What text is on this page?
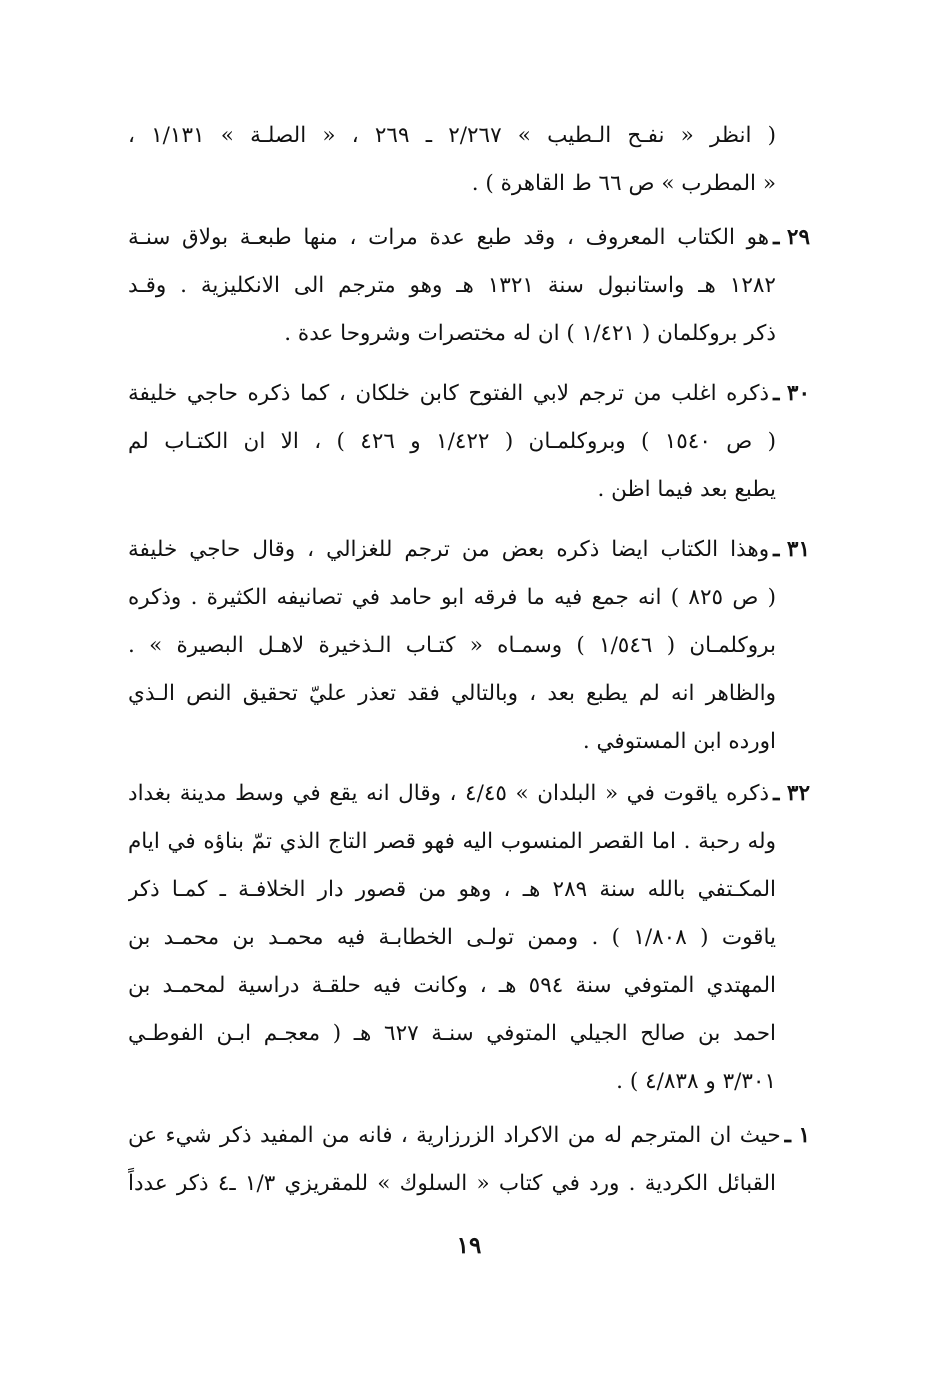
( انظر « نفـح الـطيب » ٢/٢٦٧ ـ ٢٦٩ ، « الصلـة » ١/١٣١ ،
« المطرب » ص ٦٦ ط القاهرة ) .
٢٩ ـ
هو الكتاب المعروف ، وقد طبع عدة مرات ، منها طبعـة بولاق سنـة
١٢٨٢ هـ واستانبول سنة ١٣٢١ هـ وهو مترجم الى الانكليزية . وقـد
ذكر بروكلمان ( ١/٤٢١ ) ان له مختصرات وشروحا عدة .
٣٠ ـ
ذكره اغلب من ترجم لابي الفتوح كابن خلكان ، كما ذكره حاجي خليفة
( ص ١٥٤٠ ) وبروكلمـان ( ١/٤٢٢ و ٤٢٦ ) ، الا ان الكتـاب لم
يطبع بعد فيما اظن .
٣١ ـ
وهذا الكتاب ايضا ذكره بعض من ترجم للغزالي ، وقال حاجي خليفة
( ص ٨٢٥ ) انه جمع فيه ما فرقه ابو حامد في تصانيفه الكثيرة . وذكره
بروكلمـان ( ١/٥٤٦ ) وسمـاه « كتـاب الـذخيرة لاهـل البصيرة » .
والظاهر انه لم يطبع بعد ، وبالتالي فقد تعذر عليّ تحقيق النص الـذي
اورده ابن المستوفي .
٣٢ ـ
ذكره ياقوت في « البلدان » ٤/٤٥ ، وقال انه يقع في وسط مدينة بغداد
وله رحبة . اما القصر المنسوب اليه فهو قصر التاج الذي تمّ بناؤه في ايام
المكـتفي بالله سنة ٢٨٩ هـ ، وهو من قصور دار الخلافـة ـ كمـا ذكر
ياقوت ( ١/٨٠٨ ) . وممن تولـى الخطابـة فيه محمـد بن محمـد بن
المهتدي المتوفي سنة ٥٩٤ هـ ، وكانت فيه حلقـة دراسية لمحمـد بن
احمد بن صالح الجيلي المتوفي سنـة ٦٢٧ هـ ( معجـم ابـن الفوطـي
٣/٣٠١ و ٤/٨٣٨ ) .
١ ـ
حيث ان المترجم له من الاكراد الزرزارية ، فانه من المفيد ذكر شيء عن
القبائل الكردية . ورد في كتاب « السلوك » للمقريزي ١/٣ ـ٤ ذكر عدداً
١٩
